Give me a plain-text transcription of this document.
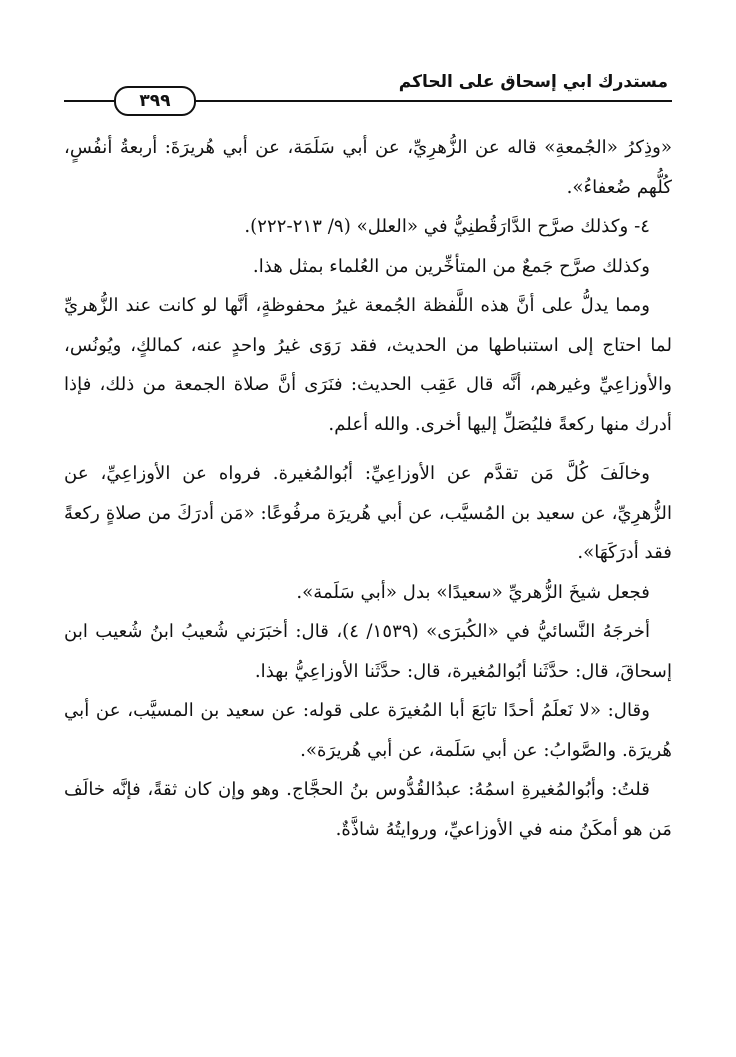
مستدرك ابي إسحاق على الحاكم
٣٩٩

«وذِكرُ «الجُمعةِ» قاله عن الزُّهرِيِّ، عن أبي سَلَمَة، عن أبي هُريرَةَ: أربعةُ أنفُسٍ، كُلُّهم ضُعفاءُ».

٤- وكذلك صرَّح الدَّارَقُطنِيُّ في «العلل» (٩/ ٢١٣-٢٢٢).

وكذلك صرَّح جَمعٌ من المتأخِّرين من العُلماء بمثل هذا.

ومما يدلُّ على أنَّ هذه اللَّفظة الجُمعة غيرُ محفوظةٍ، أنَّها لو كانت عند الزُّهريِّ لما احتاج إلى استنباطها من الحديث، فقد رَوَى غيرُ واحدٍ عنه، كمالكٍ، ويُونُس، والأوزاعِيِّ وغيرهم، أنَّه قال عَقِب الحديث: فنَرَى أنَّ صلاة الجمعة من ذلك، فإذا أدرك منها ركعةً فليُصَلِّ إليها أخرى. والله أعلم.

وخالَفَ كُلَّ مَن تقدَّم عن الأوزاعِيِّ: أبُوالمُغيرة. فرواه عن الأوزاعِيِّ، عن الزُّهرِيِّ، عن سعيد بن المُسيَّب، عن أبي هُريرَة مرفُوعًا: «مَن أدرَكَ من صلاةٍ ركعةً فقد أدرَكَهَا».

فجعل شيخَ الزُّهريِّ «سعيدًا» بدل «أبي سَلَمة».

أخرجَهُ النَّسائيُّ في «الكُبرَى» (١٥٣٩/ ٤)، قال: أخبَرَني شُعيبُ ابنُ شُعيب ابن إسحاقَ، قال: حدَّثَنا أبُوالمُغيرة، قال: حدَّثَنا الأوزاعِيُّ بهذا.

وقال: «لا نَعلَمُ أحدًا تابَعَ أبا المُغيرَة على قوله: عن سعيد بن المسيَّب، عن أبي هُريرَة. والصَّوابُ: عن أبي سَلَمة، عن أبي هُريرَة».

قلتُ: وأبُوالمُغيرةِ اسمُهُ: عبدُالقُدُّوس بنُ الحجَّاج. وهو وإن كان ثقةً، فإنَّه خالَف مَن هو أمكَنُ منه في الأوزاعيِّ، وروايتُهُ شاذَّةٌ.
